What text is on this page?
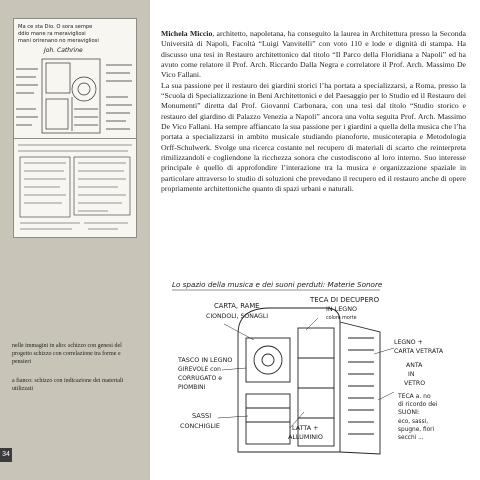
Ma ce sta Dio. O sora sempe
ddio mane ra meravigliosi
mani orirenano no meravigliosi
Joh. Cathrine

nelle immagini in alto: schizzo con genesi del progetto schizzo con correlazione tra forme e pensieri

a fianco: schizzo con indicazione dei materiali utilizzati

34

Michela Miccio, architetto, napoletana, ha conseguito la laurea in Architettura presso la Seconda Università di Napoli, Facoltà “Luigi Vanvitelli” con voto 110 e lode e dignità di stampa. Ha discusso una tesi in Restauro architettonico dal titolo “Il Parco della Floridiana a Napoli” ed ha avuto come relatore il Prof. Arch. Riccardo Dalla Negra e correlatore il Prof. Arch. Massimo De Vico Fallani.

La sua passione per il restauro dei giardini storici l’ha portata a specializzarsi, a Roma, presso la “Scuola di Specializzazione in Beni Architettonici e del Paesaggio per lo Studio ed il Restauro dei Monumenti” diretta dal Prof. Giovanni Carbonara, con una tesi dal titolo “Studio storico e restauro del giardino di Palazzo Venezia a Napoli” ancora una volta seguita Prof. Arch. Massimo De Vico Fallani. Ha sempre affiancato la sua passione per i giardini a quella della musica che l’ha portata a specializzarsi in ambito musicale studiando pianoforte, musicoterapia e Metodologia Orff-Schulwerk. Svolge una ricerca costante nel recupero di materiali di scarto che reinterpreta rimilizzandoli e cogliendone la ricchezza sonora che custodiscono al loro interno. Suo interesse principale è quello di approfondire l’interazione tra la musica e organizzazione spaziale in particolare attraverso lo studio di soluzioni che prevedano il recupero ed il restauro anche di opere propriamente architettoniche quanto di spazi urbani e naturali.

Lo spazio della musica e dei suoni perduti: Materie Sonore
CARTA, RAME
CIONDOLI, SONAGLI
TECA DI DECUPERO
IN LEGNO
colore morte
LEGNO +
CARTA VETRATA
ANTA
IN
VETRO
TECA a. no
di ricordo dei
SUONI:
eco, sassi,
spugne, fiori
secchi ...
TASCO IN LEGNO
GIREVOLE con
CORRUGATO e
PIOMBINI
SASSI
CONCHIGLIE	LATTA +
ALLUMINIO
